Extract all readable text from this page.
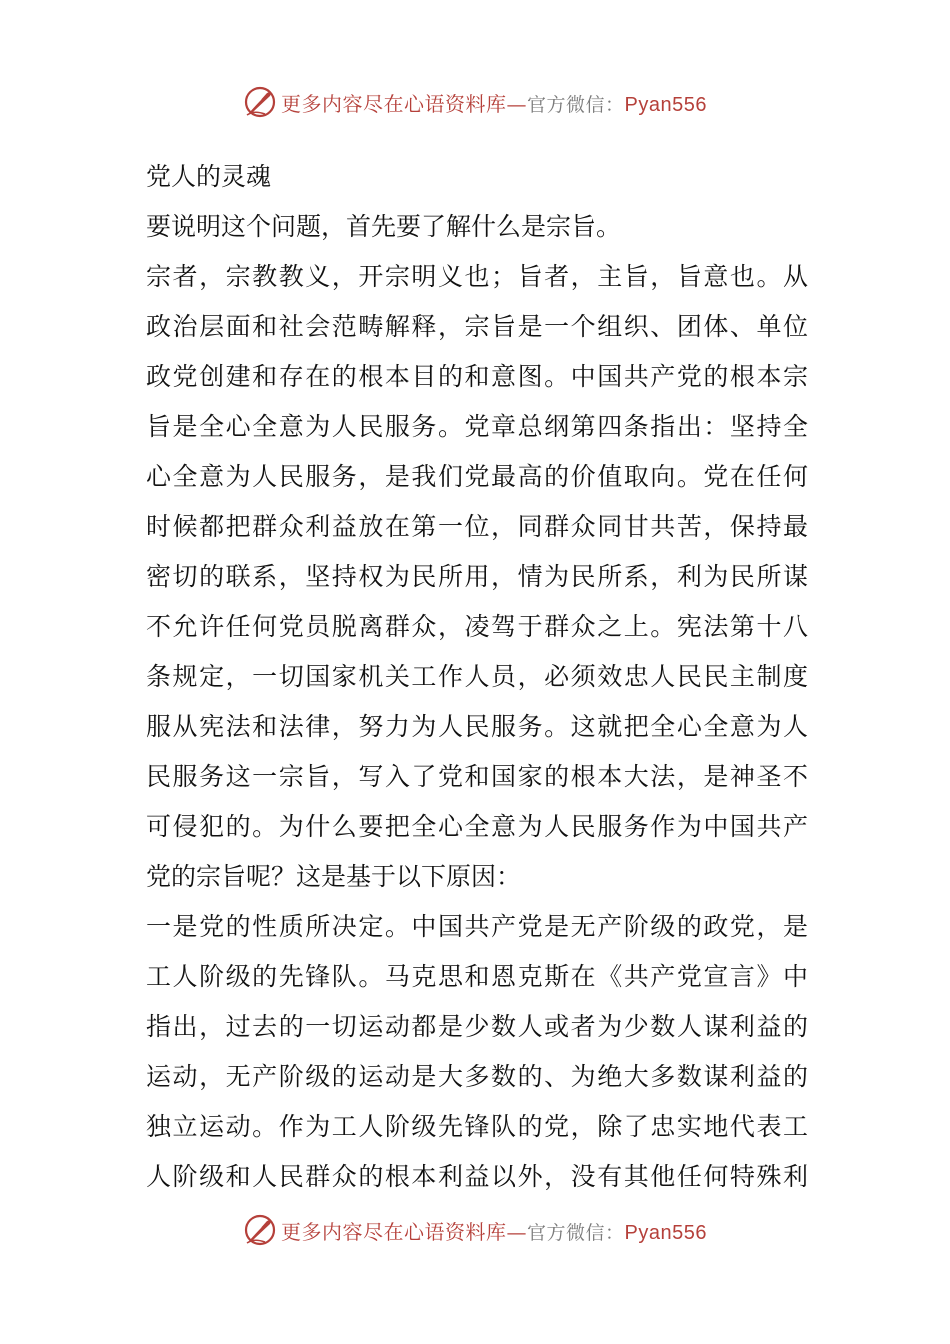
更多内容尽在心语资料库—官方微信：Pyan556
党人的灵魂
要说明这个问题，首先要了解什么是宗旨。
宗者，宗教教义，开宗明义也；旨者，主旨，旨意也。从
政治层面和社会范畴解释，宗旨是一个组织、团体、单位
政党创建和存在的根本目的和意图。中国共产党的根本宗
旨是全心全意为人民服务。党章总纲第四条指出：坚持全
心全意为人民服务，是我们党最高的价值取向。党在任何
时候都把群众利益放在第一位，同群众同甘共苦，保持最
密切的联系，坚持权为民所用，情为民所系，利为民所谋
不允许任何党员脱离群众，凌驾于群众之上。宪法第十八
条规定，一切国家机关工作人员，必须效忠人民民主制度
服从宪法和法律，努力为人民服务。这就把全心全意为人
民服务这一宗旨，写入了党和国家的根本大法，是神圣不
可侵犯的。为什么要把全心全意为人民服务作为中国共产
党的宗旨呢？这是基于以下原因：
一是党的性质所决定。中国共产党是无产阶级的政党，是
工人阶级的先锋队。马克思和恩克斯在《共产党宣言》中
指出，过去的一切运动都是少数人或者为少数人谋利益的
运动，无产阶级的运动是大多数的、为绝大多数谋利益的
独立运动。作为工人阶级先锋队的党，除了忠实地代表工
人阶级和人民群众的根本利益以外，没有其他任何特殊利
更多内容尽在心语资料库—官方微信：Pyan556
